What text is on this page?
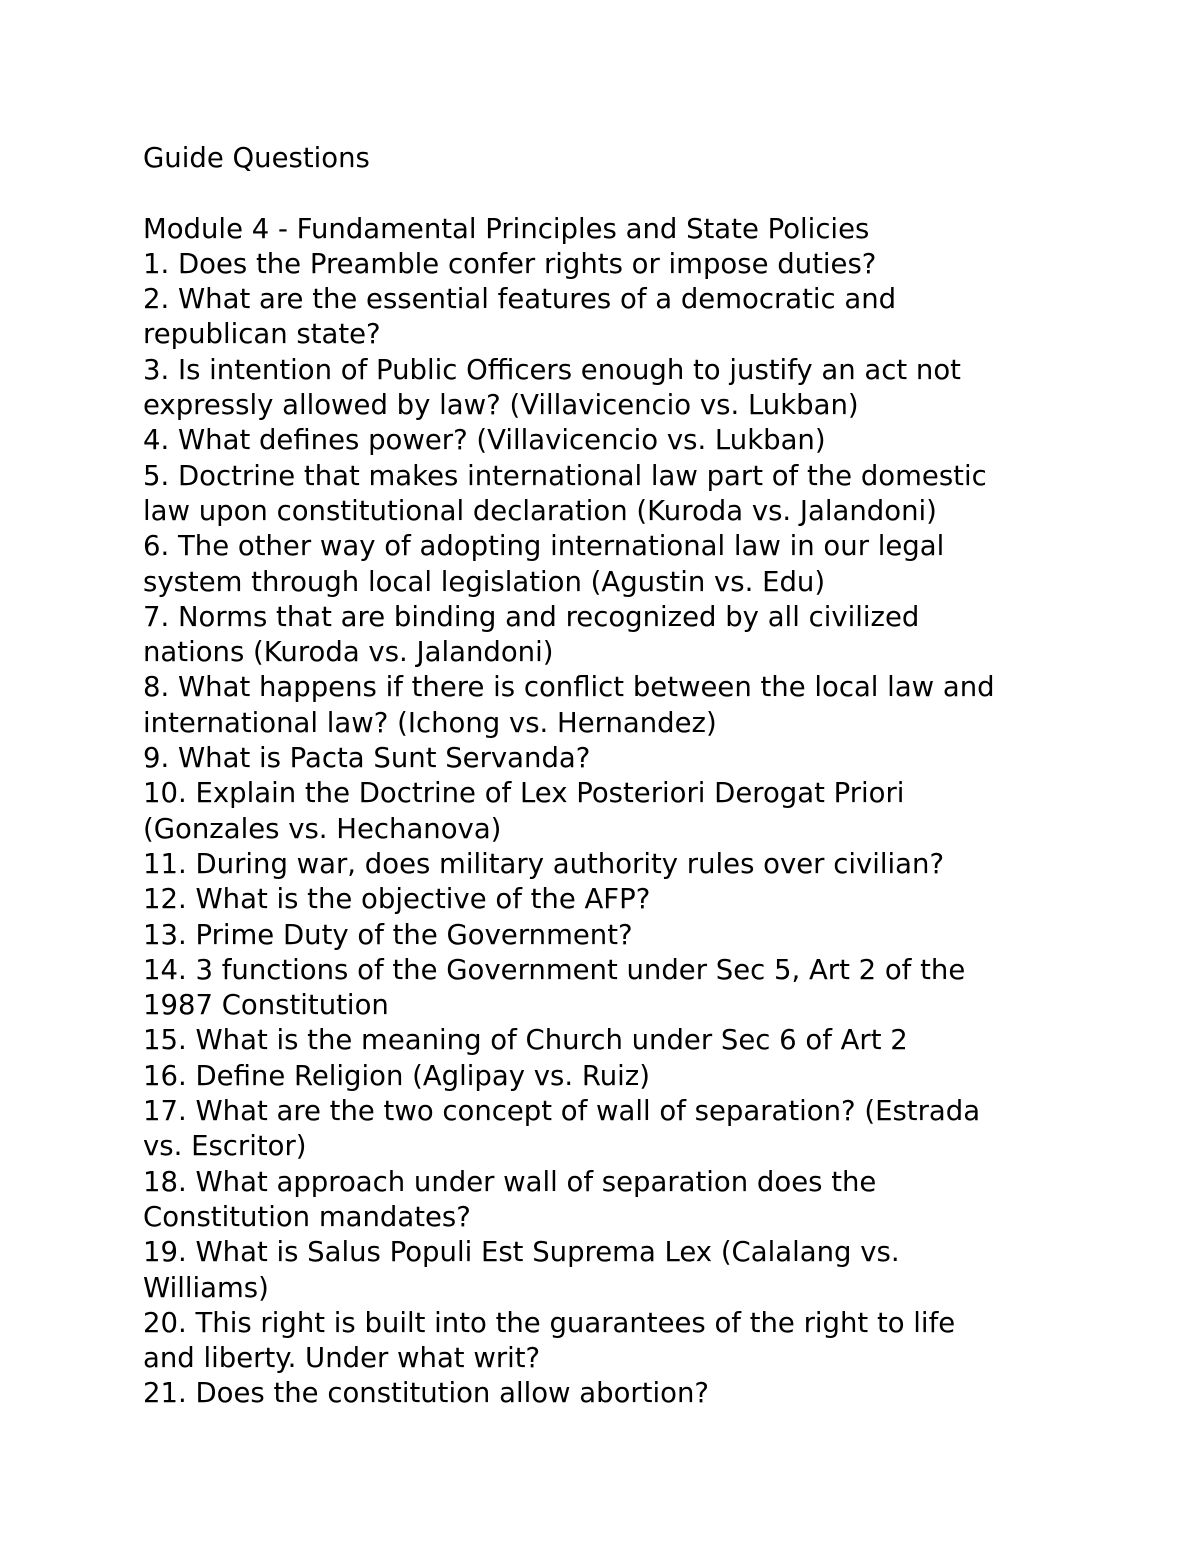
Guide Questions
Module 4 - Fundamental Principles and State Policies
1. Does the Preamble confer rights or impose duties?
2. What are the essential features of a democratic and
republican state?
3. Is intention of Public Officers enough to justify an act not
expressly allowed by law? (Villavicencio vs. Lukban)
4. What defines power? (Villavicencio vs. Lukban)
5. Doctrine that makes international law part of the domestic
law upon constitutional declaration (Kuroda vs. Jalandoni)
6. The other way of adopting international law in our legal
system through local legislation (Agustin vs. Edu)
7. Norms that are binding and recognized by all civilized
nations (Kuroda vs. Jalandoni)
8. What happens if there is conflict between the local law and
international law? (Ichong vs. Hernandez)
9. What is Pacta Sunt Servanda?
10. Explain the Doctrine of Lex Posteriori Derogat Priori
(Gonzales vs. Hechanova)
11. During war, does military authority rules over civilian?
12. What is the objective of the AFP?
13. Prime Duty of the Government?
14. 3 functions of the Government under Sec 5, Art 2 of the
1987 Constitution
15. What is the meaning of Church under Sec 6 of Art 2
16. Define Religion (Aglipay vs. Ruiz)
17. What are the two concept of wall of separation? (Estrada
vs. Escritor)
18. What approach under wall of separation does the
Constitution mandates?
19. What is Salus Populi Est Suprema Lex (Calalang vs.
Williams)
20. This right is built into the guarantees of the right to life
and liberty. Under what writ?
21. Does the constitution allow abortion?
